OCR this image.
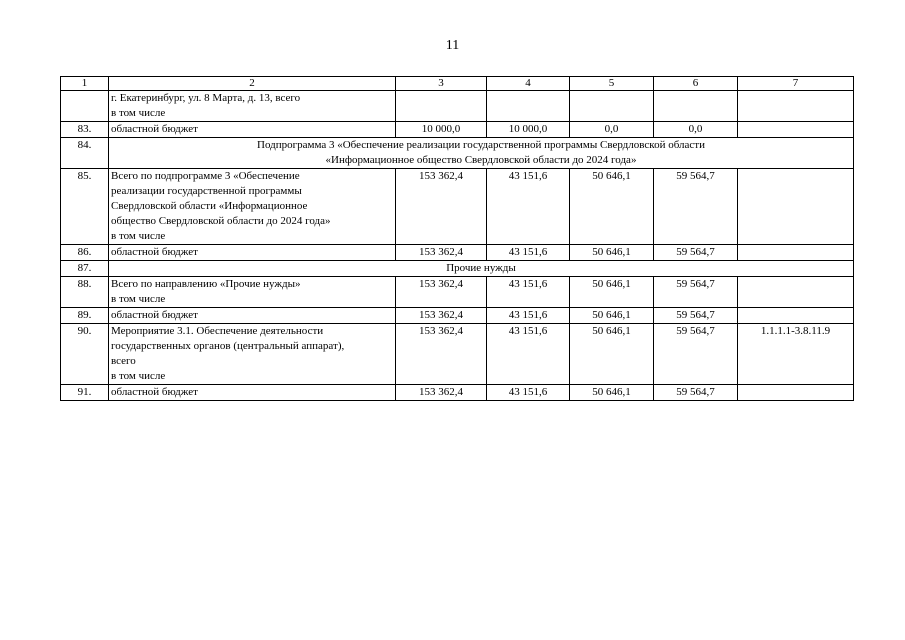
11
1	2	3	4	5	6	7

	г. Екатеринбург, ул. 8 Марта, д. 13, всего
в том числе					

83.	областной бюджет	10 000,0	10 000,0	0,0	0,0	
84.	Подпрограмма 3 «Обеспечение реализации государственной программы Свердловской области
«Информационное общество Свердловской области до 2024 года»					

85.	Всего по подпрограмме 3 «Обеспечение
реализации государственной программы
Свердловской области «Информационное
общество Свердловской области до 2024 года»
в том числе	153 362,4	43 151,6	50 646,1	59 564,7	
86.	областной бюджет	153 362,4	43 151,6	50 646,1	59 564,7	
87.	Прочие нужды					

88.	Всего по направлению «Прочие нужды»
в том числе	153 362,4	43 151,6	50 646,1	59 564,7	
89.	областной бюджет	153 362,4	43 151,6	50 646,1	59 564,7	
90.	Мероприятие 3.1. Обеспечение деятельности
государственных органов (центральный аппарат),
всего
в том числе	153 362,4	43 151,6	50 646,1	59 564,7	1.1.1.1-3.8.11.9
91.	областной бюджет	153 362,4	43 151,6	50 646,1	59 564,7	
